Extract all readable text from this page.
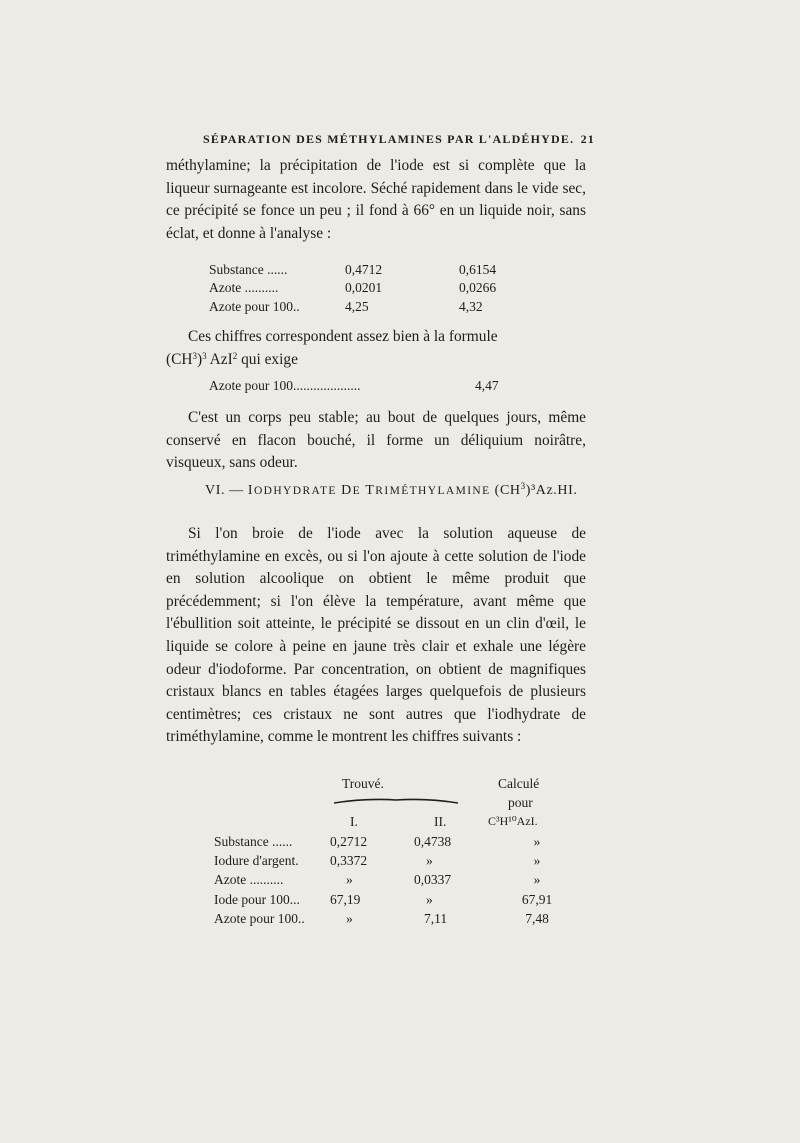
SÉPARATION DES MÉTHYLAMINES PAR L'ALDÉHYDE. 21
méthylamine; la précipitation de l'iode est si complète que la liqueur surnageante est incolore. Séché rapidement dans le vide sec, ce précipité se fonce un peu ; il fond à 66° en un liquide noir, sans éclat, et donne à l'analyse :
Substance ......	0,4712	0,6154
Azote ..........	0,0201	0,0266
Azote pour 100..	4,25	4,32
Ces chiffres correspondent assez bien à la formule
$(CH^3)^3$ AzI$^2$ qui exige
Azote pour 100....................	4,47
C'est un corps peu stable; au bout de quelques jours, même conservé en flacon bouché, il forme un déliquium noirâtre, visqueux, sans odeur.
VI. — IODHYDRATE DE TRIMÉTHYLAMINE $(CH^3)^3Az.HI$.
Si l'on broie de l'iode avec la solution aqueuse de triméthylamine en excès, ou si l'on ajoute à cette solution de l'iode en solution alcoolique on obtient le même produit que précédemment; si l'on élève la température, avant même que l'ébullition soit atteinte, le précipité se dissout en un clin d'œil, le liquide se colore à peine en jaune très clair et exhale une légère odeur d'iodoforme. Par concentration, on obtient de magnifiques cristaux blancs en tables étagées larges quelquefois de plusieurs centimètres; ces cristaux ne sont autres que l'iodhydrate de triméthylamine, comme le montrent les chiffres suivants :
Trouvé.	Calculé
pour
C³H¹⁰AzI.
I.	II.
Substance ......	0,2712	0,4738	»
Iodure d'argent.	0,3372	»	»
Azote ..........	»	0,0337	»
Iode pour 100...	67,19	»	67,91
Azote pour 100..	»	7,11	7,48
